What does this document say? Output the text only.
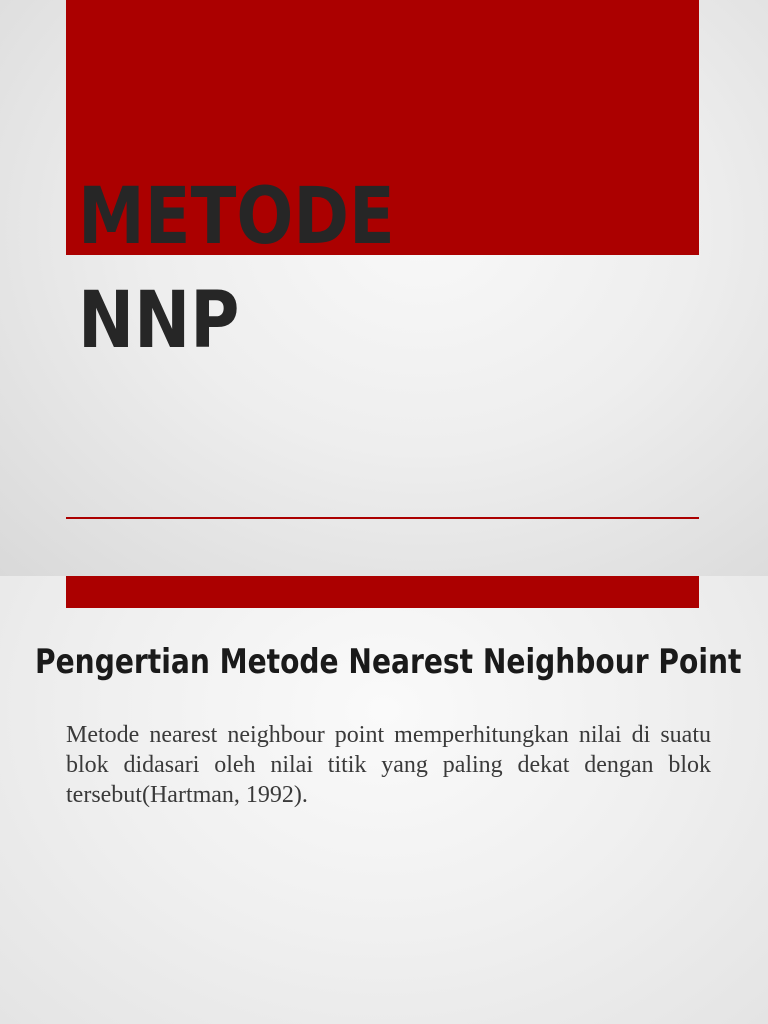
METODE
NNP
Pengertian Metode Nearest Neighbour Point

Metode nearest neighbour point memperhitungkan nilai di suatu blok didasari oleh nilai titik yang paling dekat dengan blok tersebut(Hartman, 1992).
